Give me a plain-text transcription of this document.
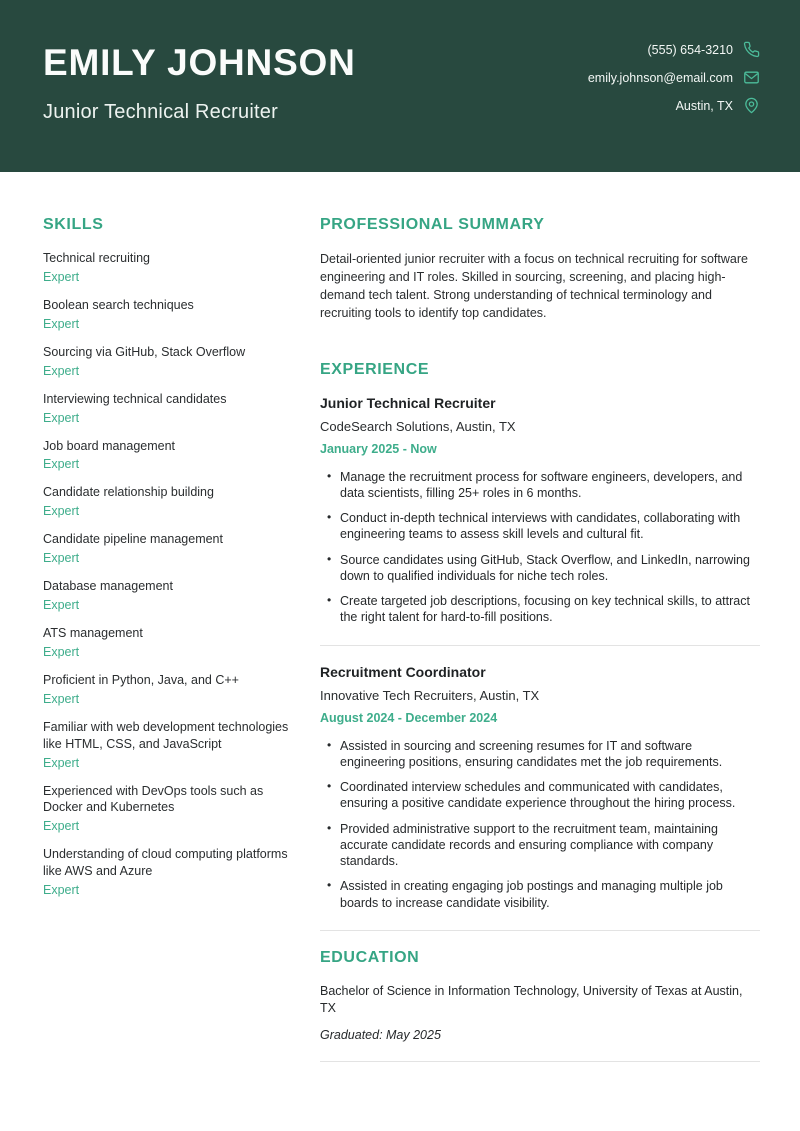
EMILY JOHNSON
Junior Technical Recruiter
(555) 654-3210
emily.johnson@email.com
Austin, TX
SKILLS
Technical recruiting
Expert
Boolean search techniques
Expert
Sourcing via GitHub, Stack Overflow
Expert
Interviewing technical candidates
Expert
Job board management
Expert
Candidate relationship building
Expert
Candidate pipeline management
Expert
Database management
Expert
ATS management
Expert
Proficient in Python, Java, and C++
Expert
Familiar with web development technologies like HTML, CSS, and JavaScript
Expert
Experienced with DevOps tools such as Docker and Kubernetes
Expert
Understanding of cloud computing platforms like AWS and Azure
Expert
PROFESSIONAL SUMMARY

Detail-oriented junior recruiter with a focus on technical recruiting for software engineering and IT roles. Skilled in sourcing, screening, and placing high-demand tech talent. Strong understanding of technical terminology and recruiting tools to identify top candidates.

EXPERIENCE
Junior Technical Recruiter
CodeSearch Solutions, Austin, TX
January 2025 - Now
• Manage the recruitment process for software engineers, developers, and data scientists, filling 25+ roles in 6 months.
• Conduct in-depth technical interviews with candidates, collaborating with engineering teams to assess skill levels and cultural fit.
• Source candidates using GitHub, Stack Overflow, and LinkedIn, narrowing down to qualified individuals for niche tech roles.
• Create targeted job descriptions, focusing on key technical skills, to attract the right talent for hard-to-fill positions.
Recruitment Coordinator
Innovative Tech Recruiters, Austin, TX
August 2024 - December 2024
• Assisted in sourcing and screening resumes for IT and software engineering positions, ensuring candidates met the job requirements.
• Coordinated interview schedules and communicated with candidates, ensuring a positive candidate experience throughout the hiring process.
• Provided administrative support to the recruitment team, maintaining accurate candidate records and ensuring compliance with company standards.
• Assisted in creating engaging job postings and managing multiple job boards to increase candidate visibility.
EDUCATION

Bachelor of Science in Information Technology, University of Texas at Austin, TX

Graduated: May 2025
